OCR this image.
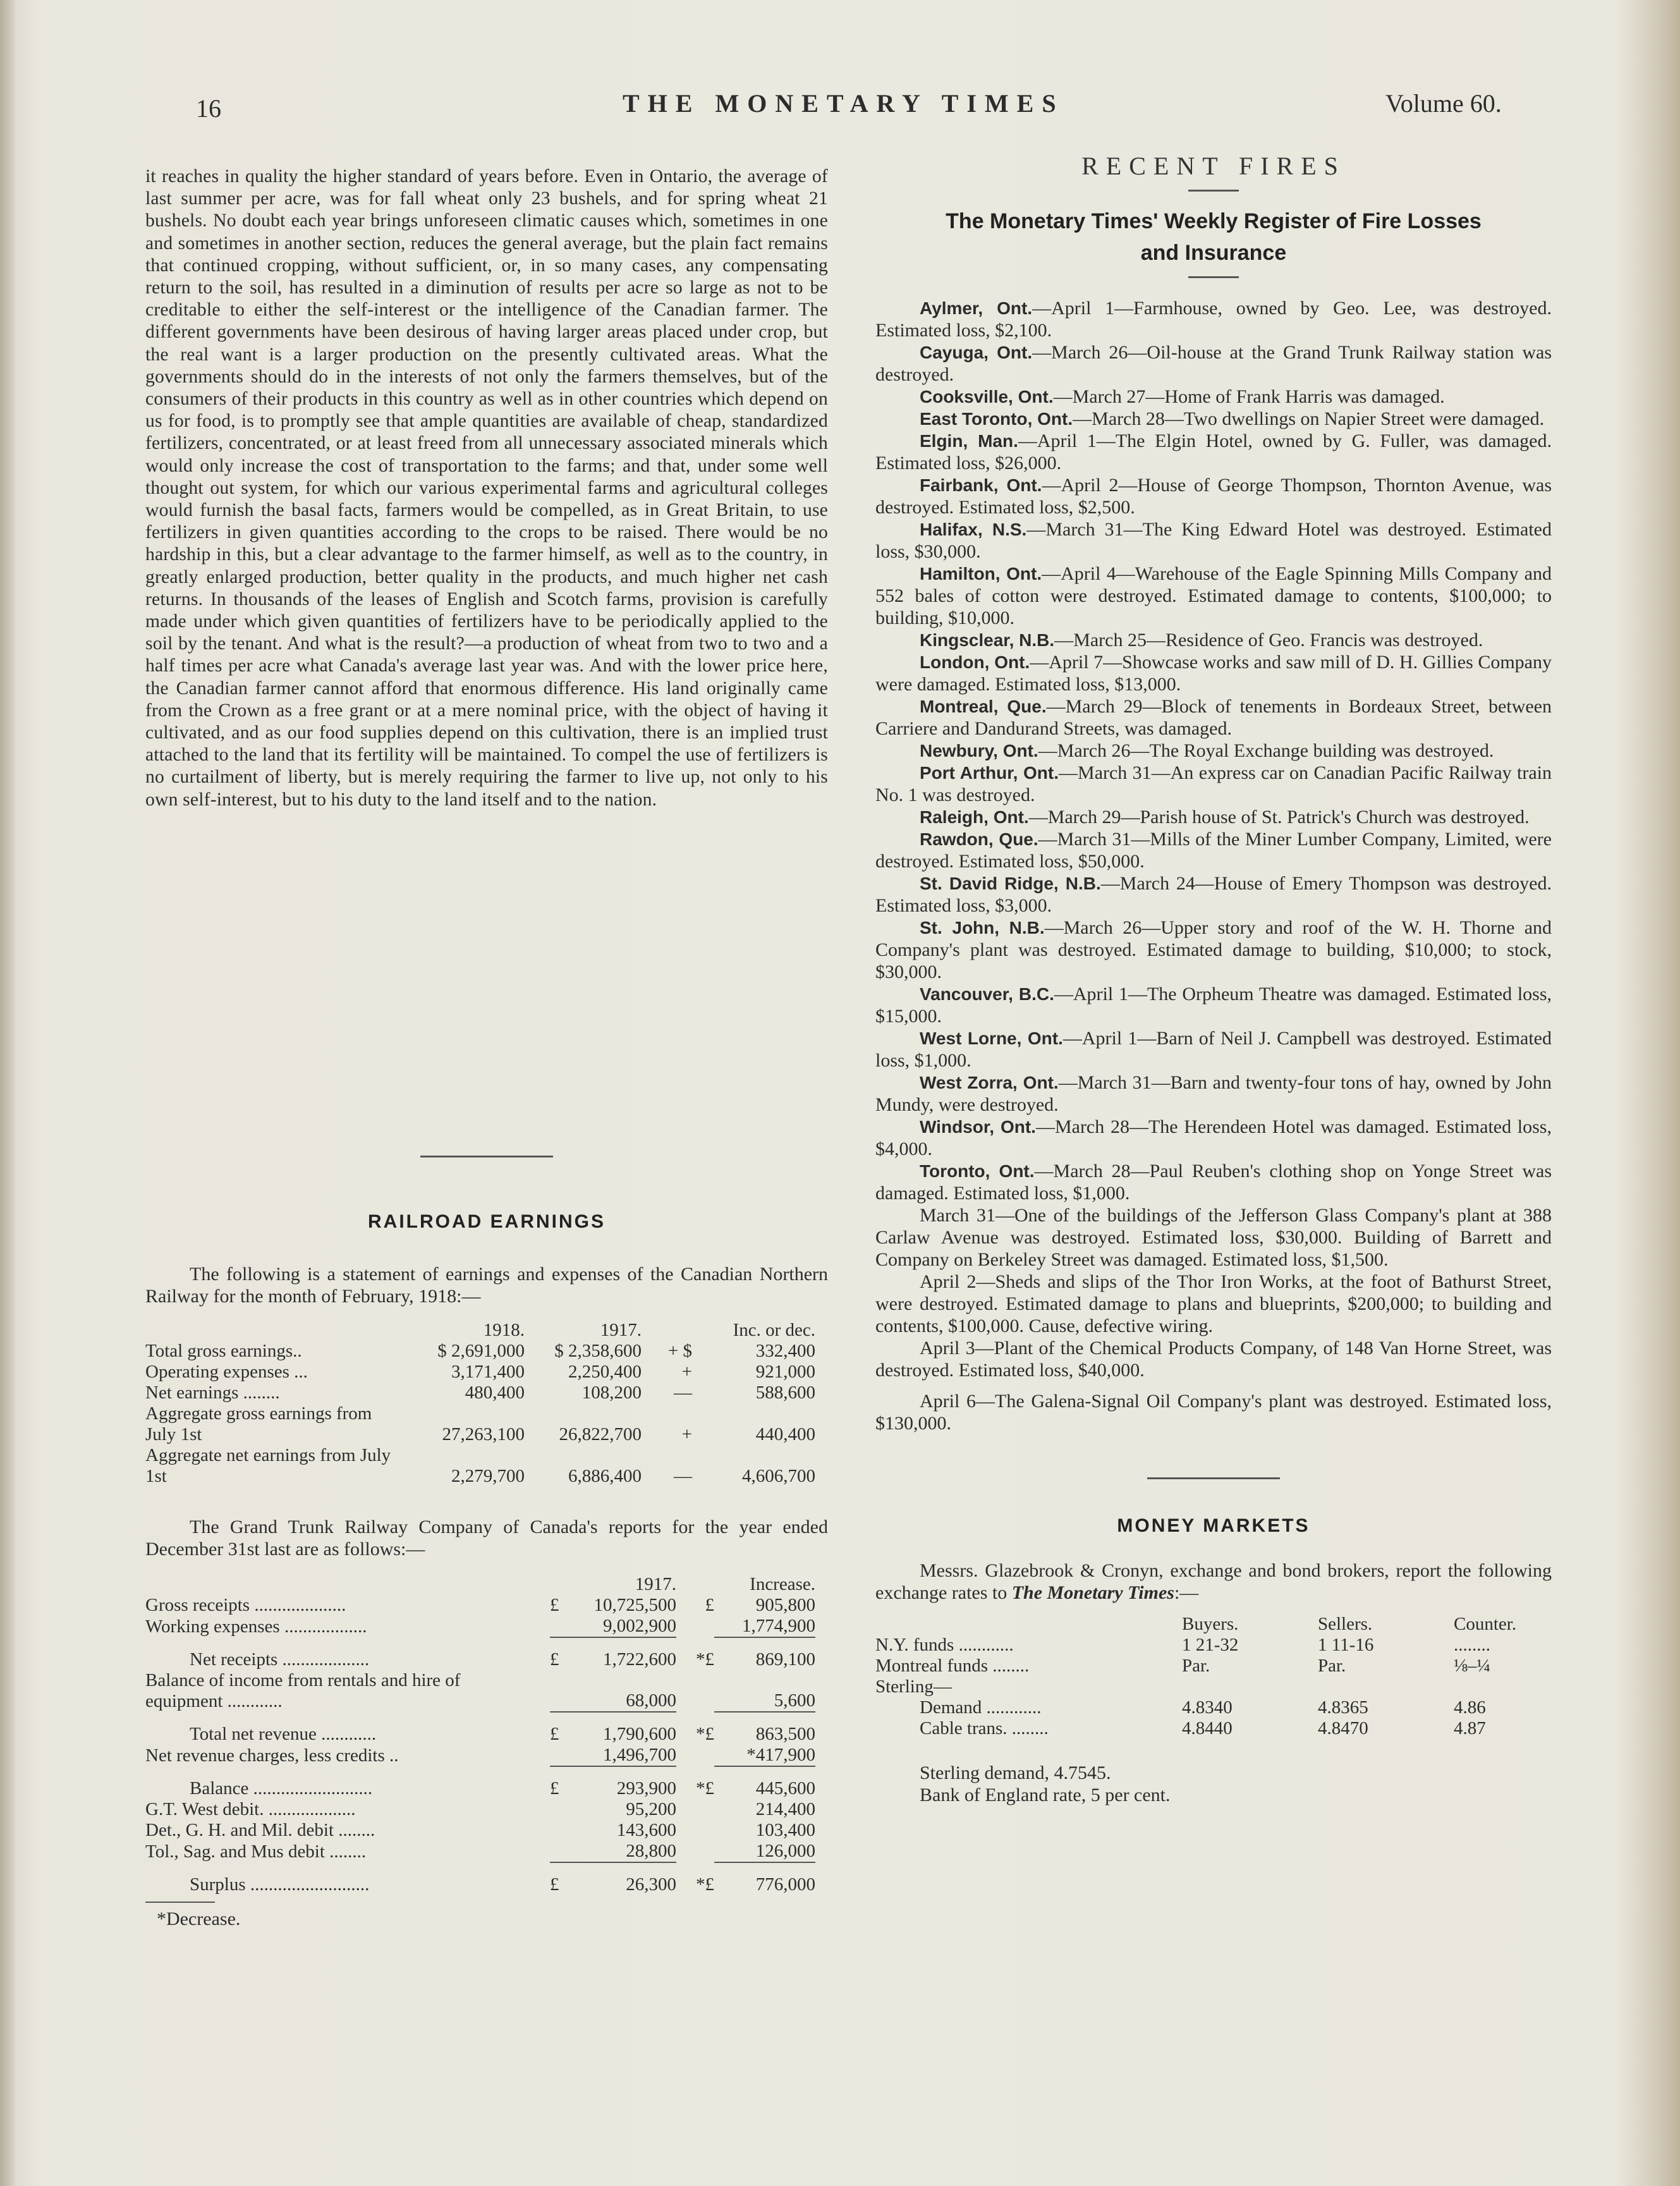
16	THE MONETARY TIMES	Volume 60.

it reaches in quality the higher standard of years before. Even in Ontario, the average of last summer per acre, was for fall wheat only 23 bushels, and for spring wheat 21 bushels. No doubt each year brings unforeseen climatic causes which, sometimes in one and sometimes in another section, reduces the general average, but the plain fact remains that continued cropping, without sufficient, or, in so many cases, any compensating return to the soil, has resulted in a diminution of results per acre so large as not to be creditable to either the self-interest or the intelligence of the Canadian farmer. The different governments have been desirous of having larger areas placed under crop, but the real want is a larger production on the presently cultivated areas. What the governments should do in the interests of not only the farmers themselves, but of the consumers of their products in this country as well as in other countries which depend on us for food, is to promptly see that ample quantities are available of cheap, standardized fertilizers, concentrated, or at least freed from all unnecessary associated minerals which would only increase the cost of transportation to the farms; and that, under some well thought out system, for which our various experimental farms and agricultural colleges would furnish the basal facts, farmers would be compelled, as in Great Britain, to use fertilizers in given quantities according to the crops to be raised. There would be no hardship in this, but a clear advantage to the farmer himself, as well as to the country, in greatly enlarged production, better quality in the products, and much higher net cash returns. In thousands of the leases of English and Scotch farms, provision is carefully made under which given quantities of fertilizers have to be periodically applied to the soil by the tenant. And what is the result?—a production of wheat from two to two and a half times per acre what Canada's average last year was. And with the lower price here, the Canadian farmer cannot afford that enormous difference. His land originally came from the Crown as a free grant or at a mere nominal price, with the object of having it cultivated, and as our food supplies depend on this cultivation, there is an implied trust attached to the land that its fertility will be maintained. To compel the use of fertilizers is no curtailment of liberty, but is merely requiring the farmer to live up, not only to his own self-interest, but to his duty to the land itself and to the nation.

RAILROAD EARNINGS

The following is a statement of earnings and expenses of the Canadian Northern Railway for the month of February, 1918:—

	1918.	1917.	Inc. or dec.	
Total gross earnings..	$ 2,691,000	$ 2,358,600	+ $	332,400
Operating expenses ...	3,171,400	2,250,400	+	921,000
Net earnings ........	480,400	108,200	—	588,600
Aggregate gross earnings from July 1st	27,263,100	26,822,700	+	440,400
Aggregate net earnings from July 1st	2,279,700	6,886,400	—	4,606,700

The Grand Trunk Railway Company of Canada's reports for the year ended December 31st last are as follows:—

		1917.		Increase.
Gross receipts ....................	£	10,725,500	£	905,800
Working expenses ..................		9,002,900		1,774,900

Net receipts ...................	£	1,722,600	*£	869,100
Balance of income from rentals and hire of equipment ............		68,000		5,600

Total net revenue ............	£	1,790,600	*£	863,500
Net revenue charges, less credits ..		1,496,700		*417,900

Balance ..........................	£	293,900	*£	445,600
G.T. West debit. ...................		95,200		214,400
Det., G. H. and Mil. debit ........		143,600		103,400
Tol., Sag. and Mus debit ........		28,800		126,000

Surplus ..........................	£	26,300	*£	776,000
*Decrease.

RECENT FIRES

The Monetary Times' Weekly Register of Fire Losses

and Insurance

Aylmer, Ont.—April 1—Farmhouse, owned by Geo. Lee, was destroyed. Estimated loss, $2,100.

Cayuga, Ont.—March 26—Oil-house at the Grand Trunk Railway station was destroyed.

Cooksville, Ont.—March 27—Home of Frank Harris was damaged.

East Toronto, Ont.—March 28—Two dwellings on Napier Street were damaged.

Elgin, Man.—April 1—The Elgin Hotel, owned by G. Fuller, was damaged. Estimated loss, $26,000.

Fairbank, Ont.—April 2—House of George Thompson, Thornton Avenue, was destroyed. Estimated loss, $2,500.

Halifax, N.S.—March 31—The King Edward Hotel was destroyed. Estimated loss, $30,000.

Hamilton, Ont.—April 4—Warehouse of the Eagle Spinning Mills Company and 552 bales of cotton were destroyed. Estimated damage to contents, $100,000; to building, $10,000.

Kingsclear, N.B.—March 25—Residence of Geo. Francis was destroyed.

London, Ont.—April 7—Showcase works and saw mill of D. H. Gillies Company were damaged. Estimated loss, $13,000.

Montreal, Que.—March 29—Block of tenements in Bordeaux Street, between Carriere and Dandurand Streets, was damaged.

Newbury, Ont.—March 26—The Royal Exchange building was destroyed.

Port Arthur, Ont.—March 31—An express car on Canadian Pacific Railway train No. 1 was destroyed.

Raleigh, Ont.—March 29—Parish house of St. Patrick's Church was destroyed.

Rawdon, Que.—March 31—Mills of the Miner Lumber Company, Limited, were destroyed. Estimated loss, $50,000.

St. David Ridge, N.B.—March 24—House of Emery Thompson was destroyed. Estimated loss, $3,000.

St. John, N.B.—March 26—Upper story and roof of the W. H. Thorne and Company's plant was destroyed. Estimated damage to building, $10,000; to stock, $30,000.

Vancouver, B.C.—April 1—The Orpheum Theatre was damaged. Estimated loss, $15,000.

West Lorne, Ont.—April 1—Barn of Neil J. Campbell was destroyed. Estimated loss, $1,000.

West Zorra, Ont.—March 31—Barn and twenty-four tons of hay, owned by John Mundy, were destroyed.

Windsor, Ont.—March 28—The Herendeen Hotel was damaged. Estimated loss, $4,000.

Toronto, Ont.—March 28—Paul Reuben's clothing shop on Yonge Street was damaged. Estimated loss, $1,000.

March 31—One of the buildings of the Jefferson Glass Company's plant at 388 Carlaw Avenue was destroyed. Estimated loss, $30,000. Building of Barrett and Company on Berkeley Street was damaged. Estimated loss, $1,500.

April 2—Sheds and slips of the Thor Iron Works, at the foot of Bathurst Street, were destroyed. Estimated damage to plans and blueprints, $200,000; to building and contents, $100,000. Cause, defective wiring.

April 3—Plant of the Chemical Products Company, of 148 Van Horne Street, was destroyed. Estimated loss, $40,000.

April 6—The Galena-Signal Oil Company's plant was destroyed. Estimated loss, $130,000.

MONEY MARKETS

Messrs. Glazebrook & Cronyn, exchange and bond brokers, report the following exchange rates to The Monetary Times:—

	Buyers.	Sellers.	Counter.
N.Y. funds ............	1 21-32	1 11-16	........
Montreal funds ........	Par.	Par.	⅛–¼
Sterling—			
Demand ............	4.8340	4.8365	4.86
Cable trans. ........	4.8440	4.8470	4.87
Sterling demand, 4.7545.
Bank of England rate, 5 per cent.
